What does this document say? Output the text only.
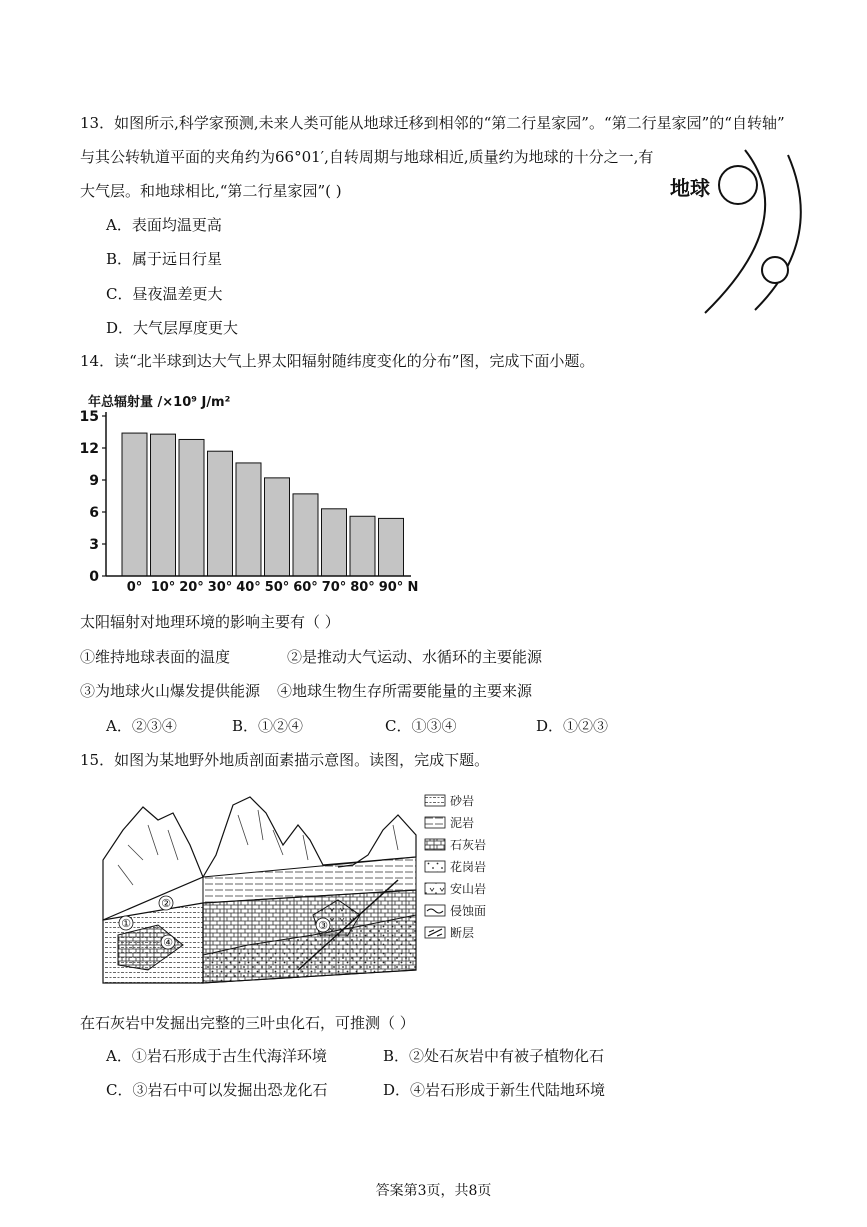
13．如图所示,科学家预测,未来人类可能从地球迁移到相邻的“第二行星家园”。“第二行星家园”的“自转轴”
与其公转轨道平面的夹角约为66°01′,自转周期与地球相近,质量约为地球的十分之一,有
大气层。和地球相比,“第二行星家园”( )
A．表面均温更高
B．属于远日行星
C．昼夜温差更大
D．大气层厚度更大
地球
14．读“北半球到达大气上界太阳辐射随纬度变化的分布”图，完成下面小题。
年总辐射量 /×10⁹ J/m²
0
3
6
9
12
15
0° 10° 20° 30° 40° 50° 60° 70° 80° 90° N
太阳辐射对地理环境的影响主要有（ ）
①维持地球表面的温度	②是推动大气运动、水循环的主要能源
③为地球火山爆发提供能源 ④地球生物生存所需要能量的主要来源
A．②③④	B．①②④	C．①③④	D．①②③
15．如图为某地野外地质剖面素描示意图。读图，完成下题。
①
②
③
④
砂岩
泥岩
石灰岩
花岗岩
安山岩
侵蚀面
断层
在石灰岩中发掘出完整的三叶虫化石，可推测（ ）
A．①岩石形成于古生代海洋环境	B．②处石灰岩中有被子植物化石
C．③岩石中可以发掘出恐龙化石	D．④岩石形成于新生代陆地环境
答案第3页，共8页
